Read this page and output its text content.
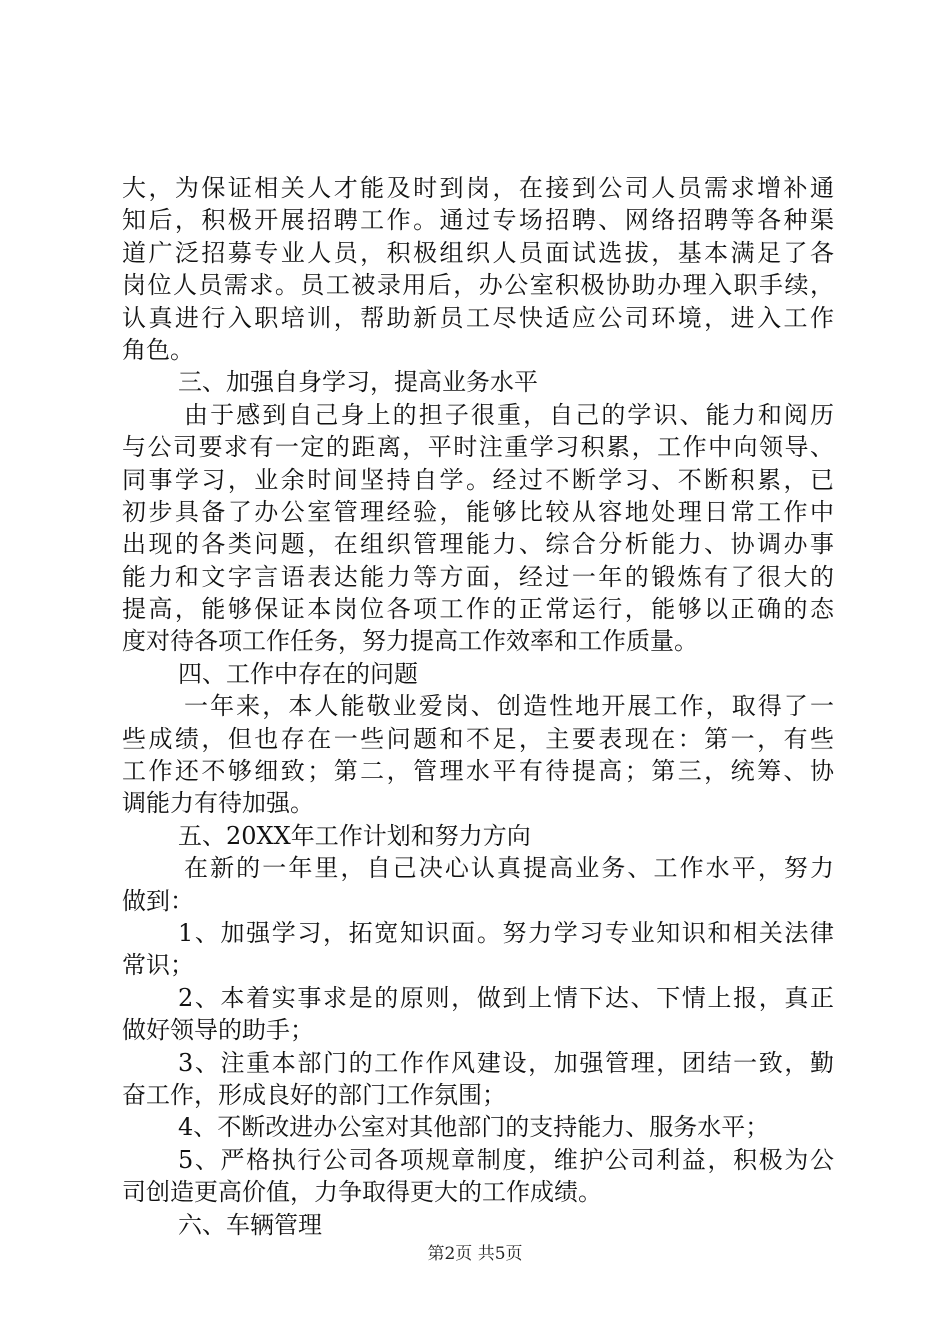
大，为保证相关人才能及时到岗，在接到公司人员需求增补通
知后，积极开展招聘工作。通过专场招聘、网络招聘等各种渠
道广泛招募专业人员，积极组织人员面试选拔，基本满足了各
岗位人员需求。员工被录用后，办公室积极协助办理入职手续，
认真进行入职培训，帮助新员工尽快适应公司环境，进入工作
角色。
三、加强自身学习，提高业务水平
由于感到自己身上的担子很重，自己的学识、能力和阅历
与公司要求有一定的距离，平时注重学习积累，工作中向领导、
同事学习，业余时间坚持自学。经过不断学习、不断积累，已
初步具备了办公室管理经验，能够比较从容地处理日常工作中
出现的各类问题，在组织管理能力、综合分析能力、协调办事
能力和文字言语表达能力等方面，经过一年的锻炼有了很大的
提高，能够保证本岗位各项工作的正常运行，能够以正确的态
度对待各项工作任务，努力提高工作效率和工作质量。
四、工作中存在的问题
一年来，本人能敬业爱岗、创造性地开展工作，取得了一
些成绩，但也存在一些问题和不足，主要表现在：第一，有些
工作还不够细致；第二，管理水平有待提高；第三，统筹、协
调能力有待加强。
五、20XX年工作计划和努力方向
在新的一年里，自己决心认真提高业务、工作水平，努力
做到：
1、加强学习，拓宽知识面。努力学习专业知识和相关法律
常识；
2、本着实事求是的原则，做到上情下达、下情上报，真正
做好领导的助手；
3、注重本部门的工作作风建设，加强管理，团结一致，勤
奋工作，形成良好的部门工作氛围；
4、不断改进办公室对其他部门的支持能力、服务水平；
5、严格执行公司各项规章制度，维护公司利益，积极为公
司创造更高价值，力争取得更大的工作成绩。
六、车辆管理
第2页 共5页
